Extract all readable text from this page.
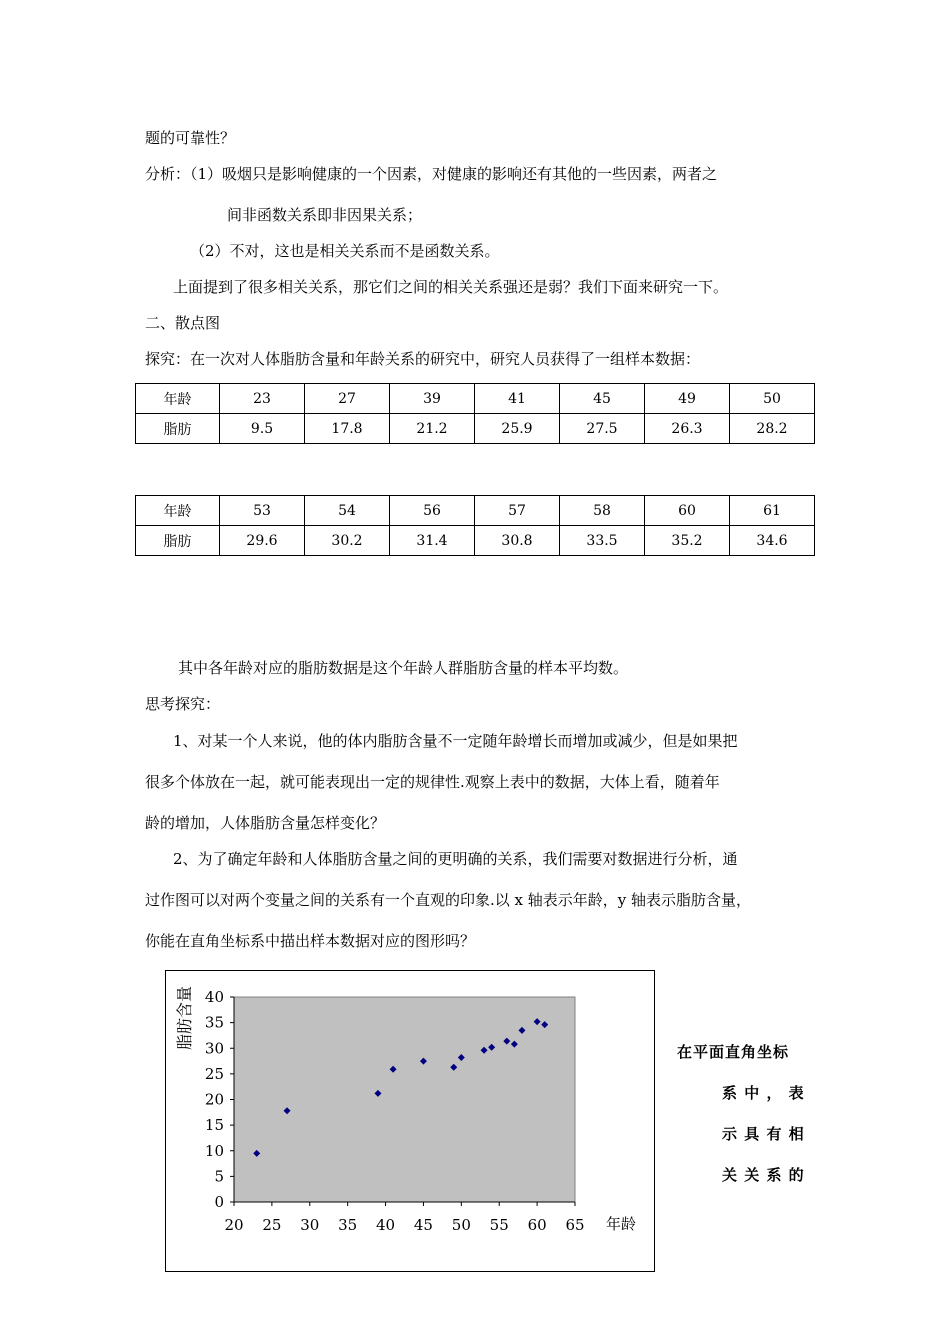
题的可靠性？
分析：（1）吸烟只是影响健康的一个因素，对健康的影响还有其他的一些因素，两者之
间非函数关系即非因果关系；
（2）不对，这也是相关关系而不是函数关系。
上面提到了很多相关关系，那它们之间的相关关系强还是弱？我们下面来研究一下。
二、散点图
探究：在一次对人体脂肪含量和年龄关系的研究中，研究人员获得了一组样本数据：
年龄	23	27	39	41	45	49	50
脂肪	9.5	17.8	21.2	25.9	27.5	26.3	28.2
年龄	53	54	56	57	58	60	61
脂肪	29.6	30.2	31.4	30.8	33.5	35.2	34.6
其中各年龄对应的脂肪数据是这个年龄人群脂肪含量的样本平均数。
思考探究：
1、对某一个人来说，他的体内脂肪含量不一定随年龄增长而增加或减少，但是如果把
很多个体放在一起，就可能表现出一定的规律性.观察上表中的数据，大体上看，随着年
龄的增加，人体脂肪含量怎样变化？
2、为了确定年龄和人体脂肪含量之间的更明确的关系，我们需要对数据进行分析，通
过作图可以对两个变量之间的关系有一个直观的印象.以 x 轴表示年龄，y 轴表示脂肪含量，
你能在直角坐标系中描出样本数据对应的图形吗？
0
5
10
15
20
25
30
35
40
20 25 30 35 40 45 50 55 60 65 年龄
脂肪含量
在平面直角坐标
系 中 ， 表
示 具 有 相
关 关 系 的
